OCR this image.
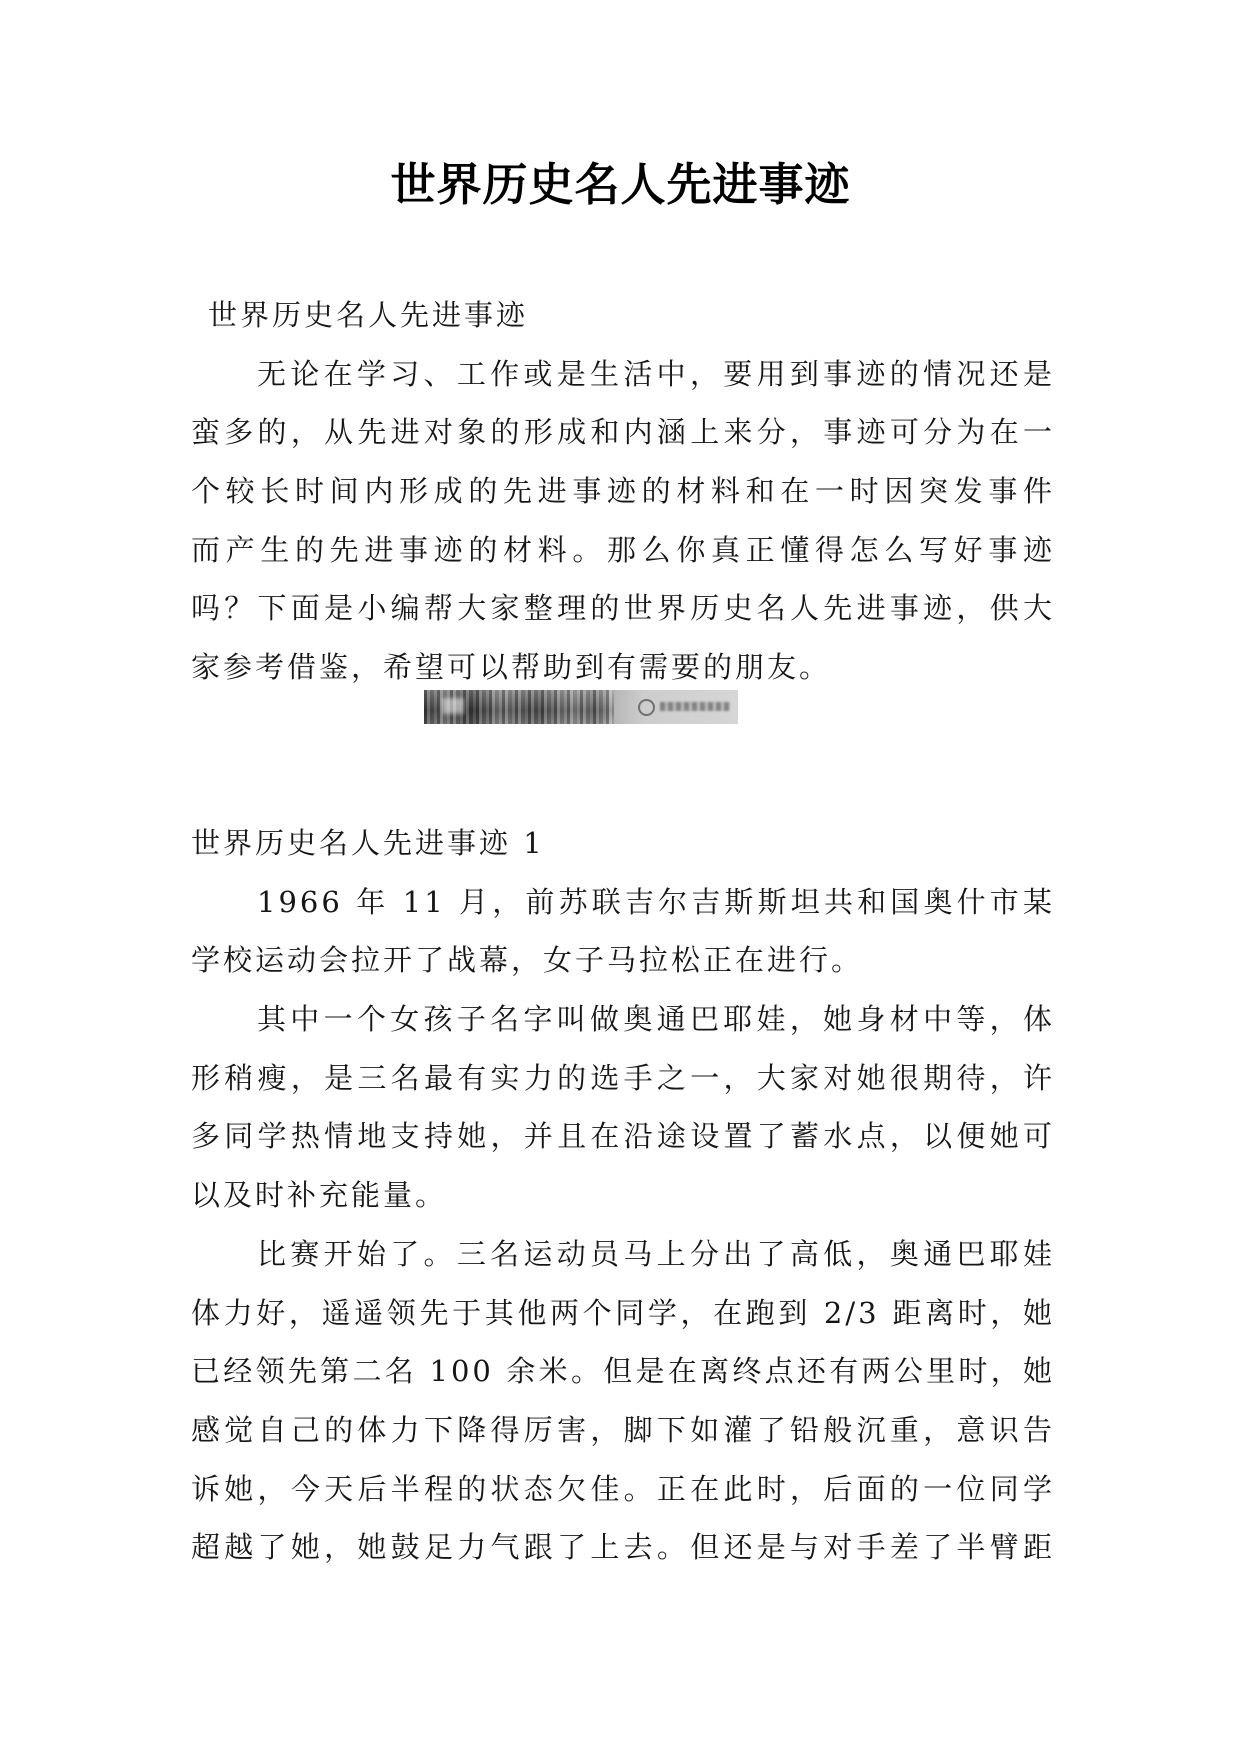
世界历史名人先进事迹
世界历史名人先进事迹
无论在学习、工作或是生活中，要用到事迹的情况还是
蛮多的，从先进对象的形成和内涵上来分，事迹可分为在一
个较长时间内形成的先进事迹的材料和在一时因突发事件
而产生的先进事迹的材料。那么你真正懂得怎么写好事迹
吗？下面是小编帮大家整理的世界历史名人先进事迹，供大
家参考借鉴，希望可以帮助到有需要的朋友。
世界历史名人先进事迹 1
1966 年 11 月，前苏联吉尔吉斯斯坦共和国奥什市某
学校运动会拉开了战幕，女子马拉松正在进行。
其中一个女孩子名字叫做奥通巴耶娃，她身材中等，体
形稍瘦，是三名最有实力的选手之一，大家对她很期待，许
多同学热情地支持她，并且在沿途设置了蓄水点，以便她可
以及时补充能量。
比赛开始了。三名运动员马上分出了高低，奥通巴耶娃
体力好，遥遥领先于其他两个同学，在跑到 2/3 距离时，她
已经领先第二名 100 余米。但是在离终点还有两公里时，她
感觉自己的体力下降得厉害，脚下如灌了铅般沉重，意识告
诉她，今天后半程的状态欠佳。正在此时，后面的一位同学
超越了她，她鼓足力气跟了上去。但还是与对手差了半臂距
